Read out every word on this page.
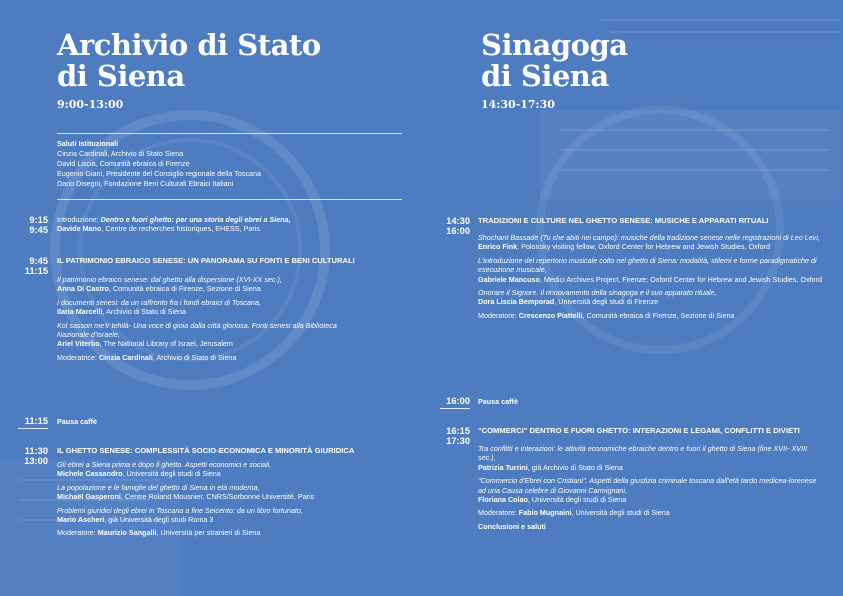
Archivio di Stato
di Siena
9:00-13:00
Saluti Istituzionali
Cinzia Cardinali, Archivio di Stato Siena
David Liscia, Comunità ebraica di Firenze
Eugenio Giani, Presidente del Consiglio regionale della Toscana
Dario Disegni, Fondazione Beni Culturali Ebraici Italiani
9:15
9:45
Introduzione: Dentro e fuori ghetto: per una storia degli ebrei a Siena,
Davide Mano, Centre de recherches historiques, EHESS, Paris
9:45
11:15
IL PATRIMONIO EBRAICO SENESE: UN PANORAMA SU FONTI E BENI CULTURALI

Il patrimonio ebraico senese: dal ghetto alla dispersione (XVI-XX sec.),
Anna Di Castro, Comunità ebraica di Firenze, Sezione di Siena

I documenti senesi: da un raffronto fra i fondi ebraici di Toscana,
Ilaria Marcelli, Archivio di Stato di Siena

Kol sasson me'ir tehilà- Una voce di gioia dalla città gloriosa. Fonti senesi alla Biblioteca Nazionale d'Israele,
Ariel Viterbo, The National Library of Israel, Jerusalem

Moderatrice: Cinzia Cardinali, Archivio di Stato di Siena

11:15 Pausa caffè
11:30
13:00
IL GHETTO SENESE: COMPLESSITÀ SOCIO-ECONOMICA E MINORITÀ GIURIDICA

Gli ebrei a Siena prima e dopo il ghetto. Aspetti economici e sociali,
Michele Cassandro, Università degli studi di Siena

La popolazione e le famiglie del ghetto di Siena in età moderna,
Michaël Gasperoni, Centre Roland Mousnier, CNRS/Sorbonne Université, Paris

Problemi giuridici degli ebrei in Toscana a fine Seicento: da un libro fortunato,
Mario Ascheri, già Università degli studi Roma 3

Moderatore: Maurizio Sangalli, Università per stranieri di Siena

Sinagoga
di Siena
14:30-17:30
14:30
16:00
TRADIZIONI E CULTURE NEL GHETTO SENESE: MUSICHE E APPARATI RITUALI

Shochant Bassade (Tu che abiti nei campo): musiche della tradizione senese nelle registrazioni di Leo Levi,
Enrico Fink, Polonsky visiting fellow, Oxford Center for Hebrew and Jewish Studies, Oxford

L'introduzione del repertorio musicale colto nel ghetto di Siena: modalità, stilemi e forme paradigmatiche di esecuzione musicale,
Gabriele Mancuso, Medici Archives Project, Firenze; Oxford Center for Hebrew and Jewish Studies, Oxford

Onorare il Signore. Il rinnovamento della sinagoga e il suo apparato rituale,
Dora Liscia Bemporad, Università degli studi di Firenze

Moderatore: Crescenzo Piattelli, Comunità ebraica di Firenze, Sezione di Siena

16:00 Pausa caffè
16:15
17:30
"COMMERCI" DENTRO E FUORI GHETTO: INTERAZIONI E LEGAMI, CONFLITTI E DIVIETI

Tra conflitti e interazioni: le attività economiche ebraiche dentro e fuori il ghetto di Siena (fine XVII- XVIII sec.),
Patrizia Turrini, già Archivio di Stato di Siena

"Commercio d'Ebrei con Cristiani". Aspetti della giustizia criminale toscana dall'età tardo medicea-lorenese ad una Causa celebre di Giovanni Carmignani,
Floriana Colao, Università degli studi di Siena

Moderatore: Fabio Mugnaini, Università degli studi di Siena

Conclusioni e saluti
